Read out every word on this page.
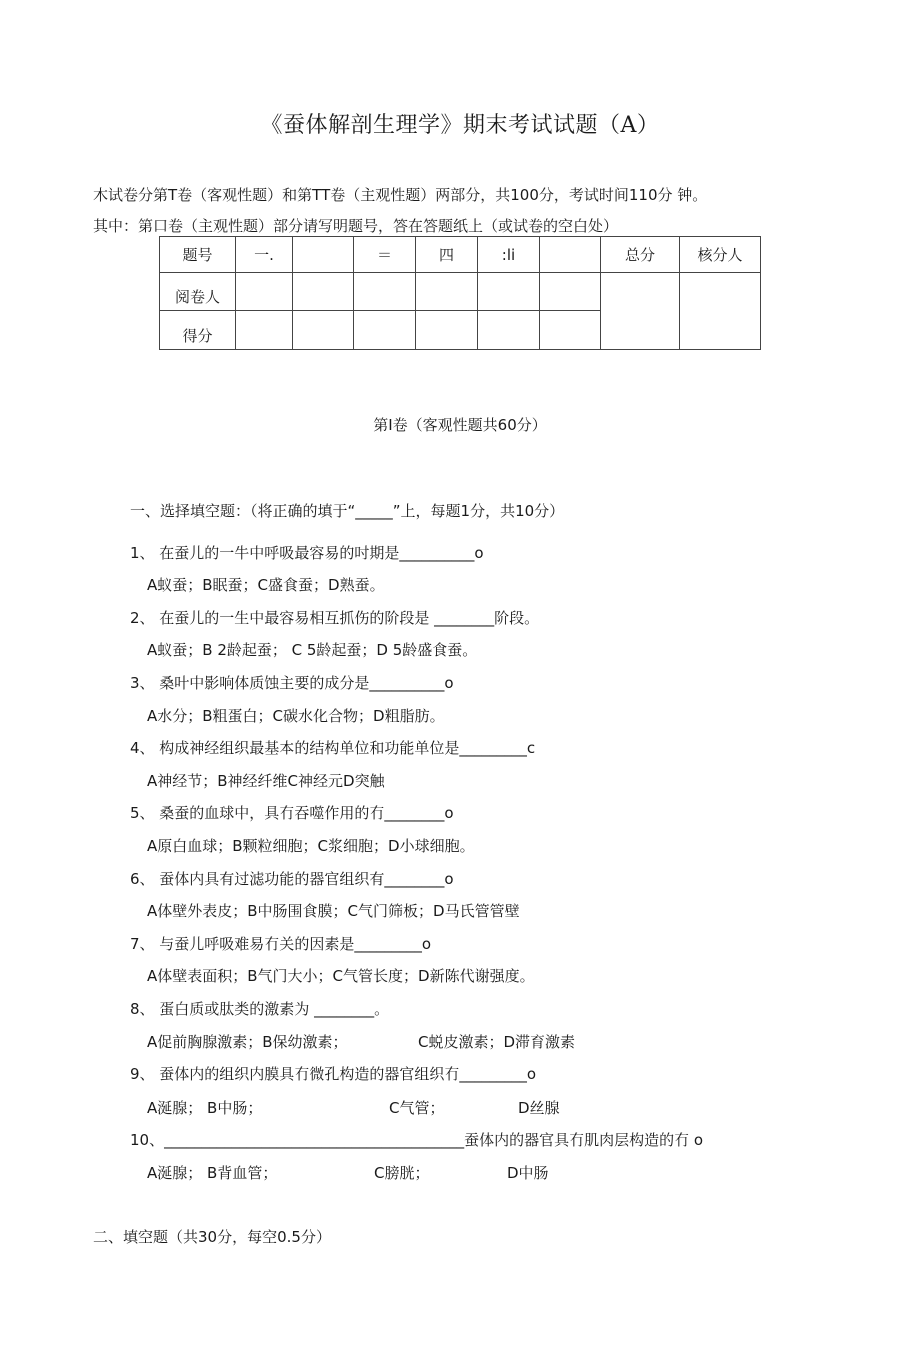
《蚕体解剖生理学》期末考试试题（A）
木试卷分第T卷（客观性题）和第TT卷（主观性题）两部分，共100分，考试时间110分 钟。
其中：第口卷（主观性题）部分请写明题号，答在答题纸上（或试卷的空白处）
题号	一.		＝	四	:li		总分	核分人
阅卷人								
得分								
第Ⅰ卷（客观性题共60分）
一、选择填空题：（将正确的填于“_____”上，每题1分，共10分）
1、 在蚕儿的一牛中呼吸最容易的吋期是__________o
A蚁蚕；B眠蚕；C盛食蚕；D熟蚕。
2、 在蚕儿的一生中最容易相互抓伤的阶段是 ________阶段。
A蚁蚕；B 2龄起蚕； C 5龄起蚕；D 5龄盛食蚕。
3、 桑叶中影响体质蚀主要的成分是__________o
A水分；B粗蛋白；C碳水化合物；D粗脂肪。
4、 构成神经组织最基本的结构单位和功能单位是_________c
A神经节；B神经纤维C神经元D突触
5、 桑蚕的血球中，具冇吞噬作用的冇________o
A原白血球；B颗粒细胞；C浆细胞；D小球细胞。
6、 蚕体内具有过滤功能的器官组织有________o
A体壁外表皮；B中肠围食膜；C气门筛板；D马氏管管壁
7、 与蚕儿呼吸难易冇关的因素是_________o
A体壁表面积；B气门大小；C气管长度；D新陈代谢强度。
8、 蛋白质或肽类的激素为 ________。
A促前胸腺激素；B保幼激素；	C蜕皮激素；D滞育激素
9、 蚕体内的组织内膜具冇微孔构造的器官组织冇_________o
A涎腺； B中肠；	C气管；	D丝腺
10、________________________________________蚕体内的器官具冇肌肉层构造的冇 o
A涎腺； B背血管；	C膀胱；	D中肠
二、填空题（共30分，每空0.5分）
